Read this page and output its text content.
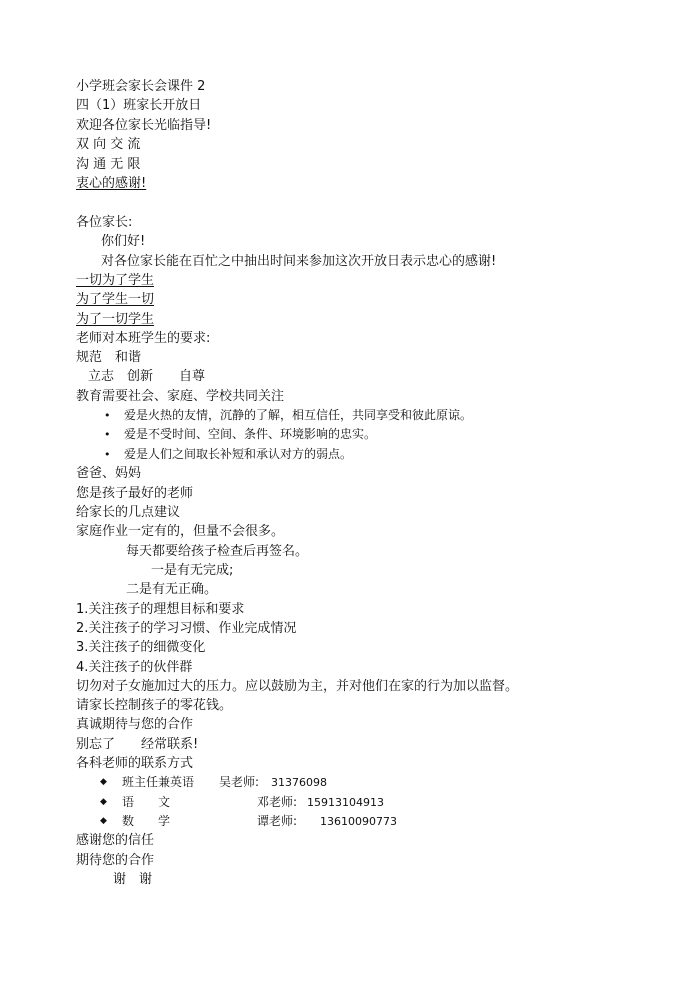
小学班会家长会课件 2
四（1）班家长开放日
欢迎各位家长光临指导!
双 向 交 流
沟 通 无 限
衷心的感谢!
各位家长:
你们好!
对各位家长能在百忙之中抽出时间来参加这次开放日表示忠心的感谢!
一切为了学生
为了学生一切
为了一切学生
老师对本班学生的要求:
规范　和谐
立志　创新　　自尊
教育需要社会、家庭、学校共同关注
• 爱是火热的友情，沉静的了解，相互信任，共同享受和彼此原谅。
• 爱是不受时间、空间、条件、环境影响的忠实。
• 爱是人们之间取长补短和承认对方的弱点。
爸爸、妈妈
您是孩子最好的老师
给家长的几点建议
家庭作业一定有的，但量不会很多。
每天都要给孩子检查后再签名。
一是有无完成;
二是有无正确。
1.关注孩子的理想目标和要求
2.关注孩子的学习习惯、作业完成情况
3.关注孩子的细微变化
4.关注孩子的伙伴群
切勿对子女施加过大的压力。应以鼓励为主，并对他们在家的行为加以监督。
请家长控制孩子的零花钱。
真诚期待与您的合作
别忘了　　经常联系!
各科老师的联系方式
◆ 班主任兼英语 吴老师: 31376098
◆ 语　　文	邓老师: 15913104913
◆ 数　　学	谭老师: 13610090773
感谢您的信任
期待您的合作
谢　谢
